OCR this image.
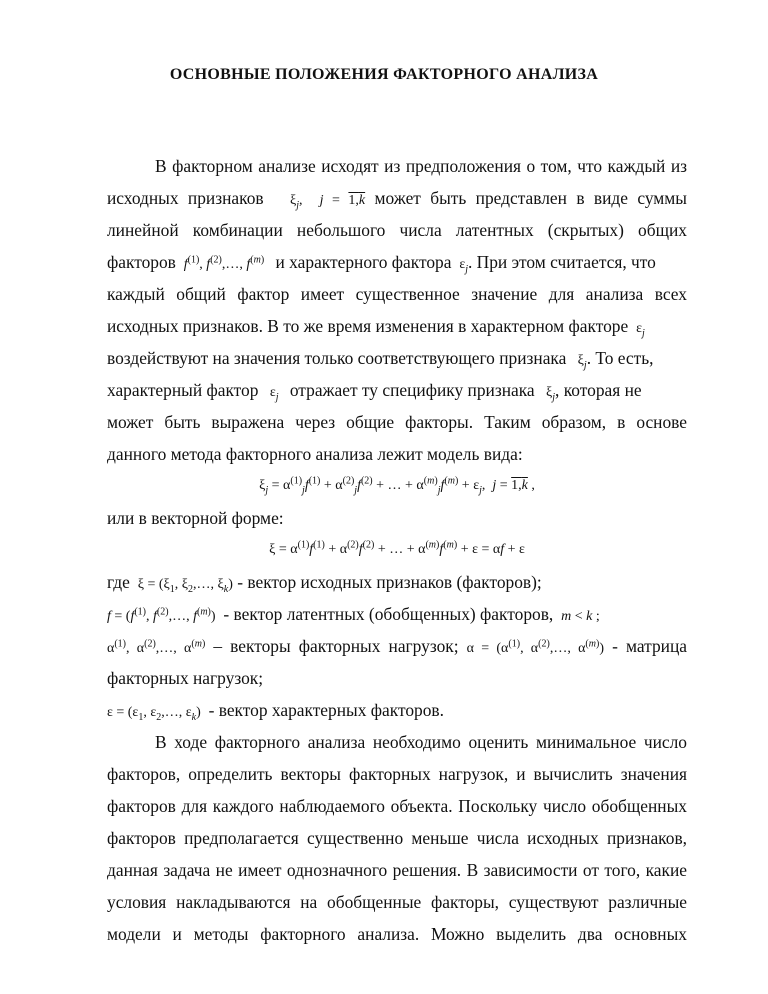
ОСНОВНЫЕ ПОЛОЖЕНИЯ ФАКТОРНОГО АНАЛИЗА
В факторном анализе исходят из предположения о том, что каждый из
исходных признаков   $\xi_j$,  j = 1,k может быть представлен в виде суммы
линейной комбинации небольшого числа латентных (скрытых) общих
факторов $f^{(1)}$, $f^{(2)},\dots$, $f^{(m)}$ и характерного фактора  $\varepsilon_j$. При этом считается, что
каждый общий фактор имеет существенное значение для анализа всех
исходных признаков. В то же время изменения в характерном факторе  $\varepsilon_j$
воздействуют на значения только соответствующего признака   $\xi_j$. То есть,
характерный фактор   $\varepsilon_j$ отражает ту специфику признака   $\xi_j$, которая не
может быть выражена через общие факторы. Таким образом, в основе
данного метода факторного анализа лежит модель вида:
$\xi_j = \alpha^{(1)}_jf^{(1)} + \alpha^{(2)}_jf^{(2)}$ + … + $\alpha^{(m)}_jf^{(m)} + \varepsilon_j$,  j = 1,k ,
или в векторной форме:
$\xi = \alpha^{(1)}f^{(1)} + \alpha^{(2)}f^{(2)}$ + … + $\alpha^{(m)}f^{(m)} + \varepsilon = \alpha f + \varepsilon$
где  $\xi = (\xi_1$, $\xi_2,\dots$, $\xi_k$) - вектор исходных признаков (факторов);
$f = (f^{(1)}$, $f^{(2)},\dots$, $f^{(m)}$)  - вектор латентных (обобщенных) факторов, m < k ;
$\alpha^{(1)}$, $\alpha^{(2)},\dots$, $\alpha^{(m)}$ – векторы факторных нагрузок; $\alpha = (\alpha^{(1)}$, $\alpha^{(2)},\dots$, $\alpha^{(m)}$) - матрица
факторных нагрузок;
$\varepsilon = (\varepsilon_1$, $\varepsilon_2,\dots$, $\varepsilon_k$)  - вектор характерных факторов.
В ходе факторного анализа необходимо оценить минимальное число
факторов, определить векторы факторных нагрузок, и вычислить значения
факторов для каждого наблюдаемого объекта. Поскольку число обобщенных
факторов предполагается существенно меньше числа исходных признаков,
данная задача не имеет однозначного решения. В зависимости от того, какие
условия накладываются на обобщенные факторы, существуют различные
модели и методы факторного анализа. Можно выделить два основных
